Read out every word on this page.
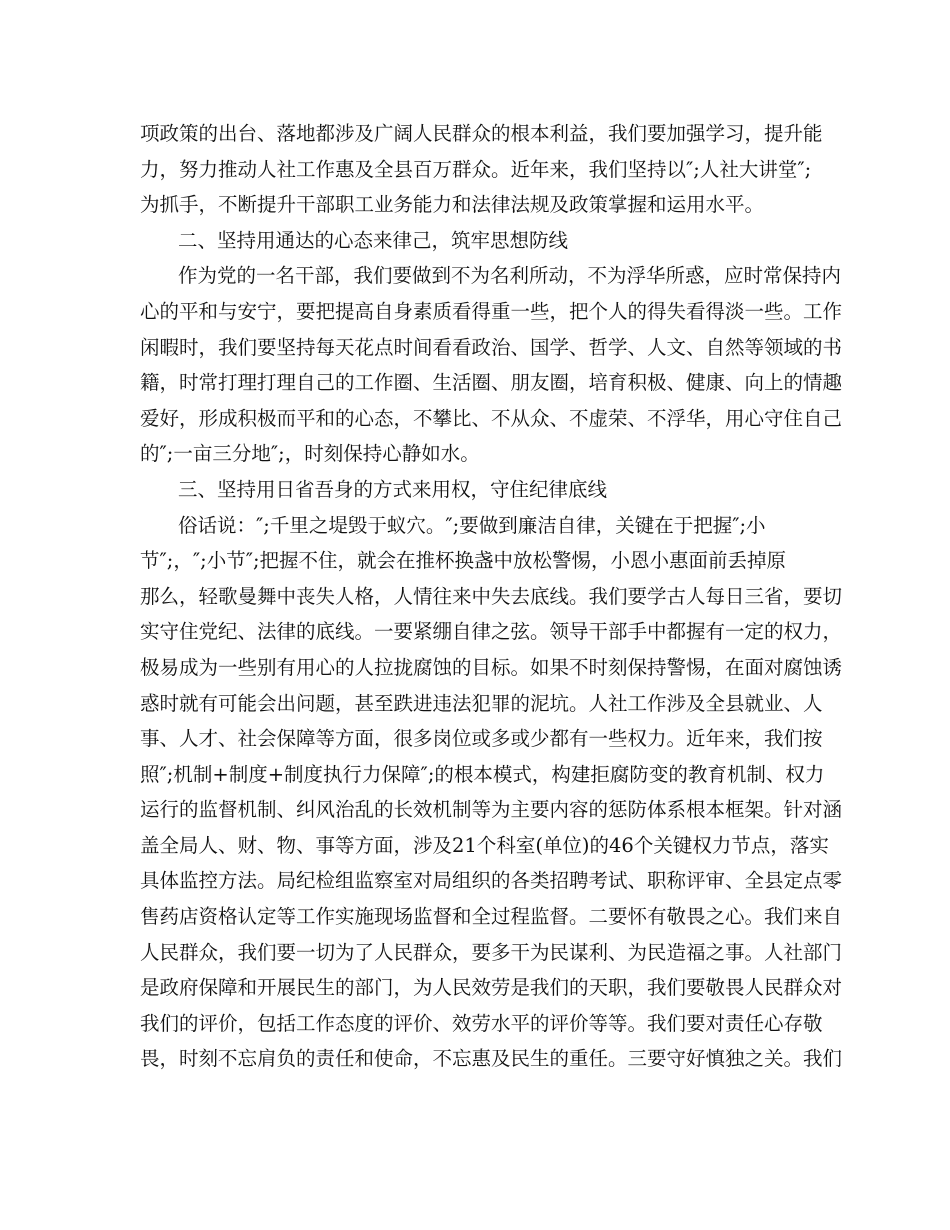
项政策的出台、落地都涉及广阔人民群众的根本利益，我们要加强学习，提升能
力，努力推动人社工作惠及全县百万群众。近年来，我们坚持以″;人社大讲堂″;
为抓手，不断提升干部职工业务能力和法律法规及政策掌握和运用水平。
二、坚持用通达的心态来律己，筑牢思想防线
作为党的一名干部，我们要做到不为名利所动，不为浮华所惑，应时常保持内
心的平和与安宁，要把提高自身素质看得重一些，把个人的得失看得淡一些。工作
闲暇时，我们要坚持每天花点时间看看政治、国学、哲学、人文、自然等领域的书
籍，时常打理打理自己的工作圈、生活圈、朋友圈，培育积极、健康、向上的情趣
爱好，形成积极而平和的心态，不攀比、不从众、不虚荣、不浮华，用心守住自己
的″;一亩三分地″;，时刻保持心静如水。
三、坚持用日省吾身的方式来用权，守住纪律底线
俗话说：″;千里之堤毁于蚁穴。″;要做到廉洁自律，关键在于把握″;小
节″;，″;小节″;把握不住，就会在推杯换盏中放松警惕，小恩小惠面前丢掉原
那么，轻歌曼舞中丧失人格，人情往来中失去底线。我们要学古人每日三省，要切
实守住党纪、法律的底线。一要紧绷自律之弦。领导干部手中都握有一定的权力，
极易成为一些别有用心的人拉拢腐蚀的目标。如果不时刻保持警惕，在面对腐蚀诱
惑时就有可能会出问题，甚至跌进违法犯罪的泥坑。人社工作涉及全县就业、人
事、人才、社会保障等方面，很多岗位或多或少都有一些权力。近年来，我们按
照″;机制+制度+制度执行力保障″;的根本模式，构建拒腐防变的教育机制、权力
运行的监督机制、纠风治乱的长效机制等为主要内容的惩防体系根本框架。针对涵
盖全局人、财、物、事等方面，涉及21个科室(单位)的46个关键权力节点，落实
具体监控方法。局纪检组监察室对局组织的各类招聘考试、职称评审、全县定点零
售药店资格认定等工作实施现场监督和全过程监督。二要怀有敬畏之心。我们来自
人民群众，我们要一切为了人民群众，要多干为民谋利、为民造福之事。人社部门
是政府保障和开展民生的部门，为人民效劳是我们的天职，我们要敬畏人民群众对
我们的评价，包括工作态度的评价、效劳水平的评价等等。我们要对责任心存敬
畏，时刻不忘肩负的责任和使命，不忘惠及民生的重任。三要守好慎独之关。我们
